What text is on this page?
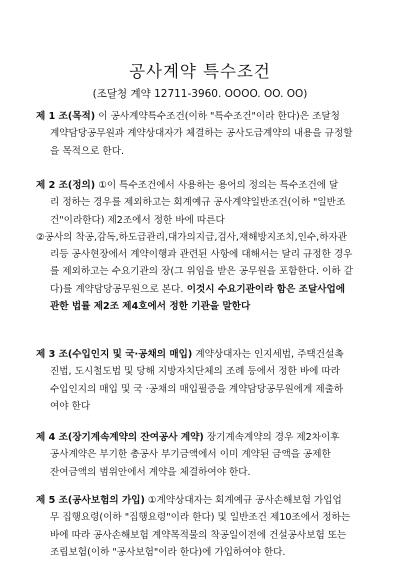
공사계약 특수조건
(조달청 계약 12711-3960. OOOO. OO. OO)
제 1 조(목적) 이 공사계약특수조건(이하 "특수조건"이라 한다)은 조달청
계약담당공무원과 계약상대자가 체결하는 공사도급계약의 내용을 규정할
을 목적으로 한다.
제 2 조(정의) ①이 특수조건에서 사용하는 용어의 정의는 특수조건에 달
리 정하는 경우를 제외하고는 회계예규 공사계약일반조건(이하 "일반조
건"이라한다) 제2조에서 정한 바에 따른다
②공사의 착공,감독,하도급관리,대가의지급,검사,재해방지조치,인수,하자관
리등 공사현장에서 계약이행과 관련된 사항에 대해서는 달리 규정한 경우
를 제외하고는 수요기관의 장(그 위임을 받은 공무원을 포함한다. 이하 같
다)를 계약담당공무원으로 본다. 이것시 수요기관이라 함은 조달사업에
관한 법률 제2조 제4호에서 정한 기관을 말한다
제 3 조(수입인지 및 국·공채의 매입) 계약상대자는 인지세법, 주택건설촉
진법, 도시철도법 및 당해 지방자치단체의 조례 등에서 정한 바에 따라
수입인지의 매입 및 국 ·공채의 매입필증을 계약담당공무원에게 제출하
여야 한다
제 4 조(장기계속계약의 잔여공사 계약) 장기계속계약의 경우 제2차이후
공사계약은 부기한 총공사 부기금액에서 이미 계약된 금액을 공제한
잔여금액의 범위안에서 계약을 체결하여야 한다.
제 5 조(공사보험의 가입) ①계약상대자는 회계예규 공사손해보험 가입업
무 집행요령(이하 "집행요령"이라 한다) 및 일반조건 제10조에서 정하는
바에 따라 공사손해보험 계약목적물의 착공일이전에 건설공사보험 또는
조립보험(이하 "공사보험"이라 한다)에 가입하여야 한다.
